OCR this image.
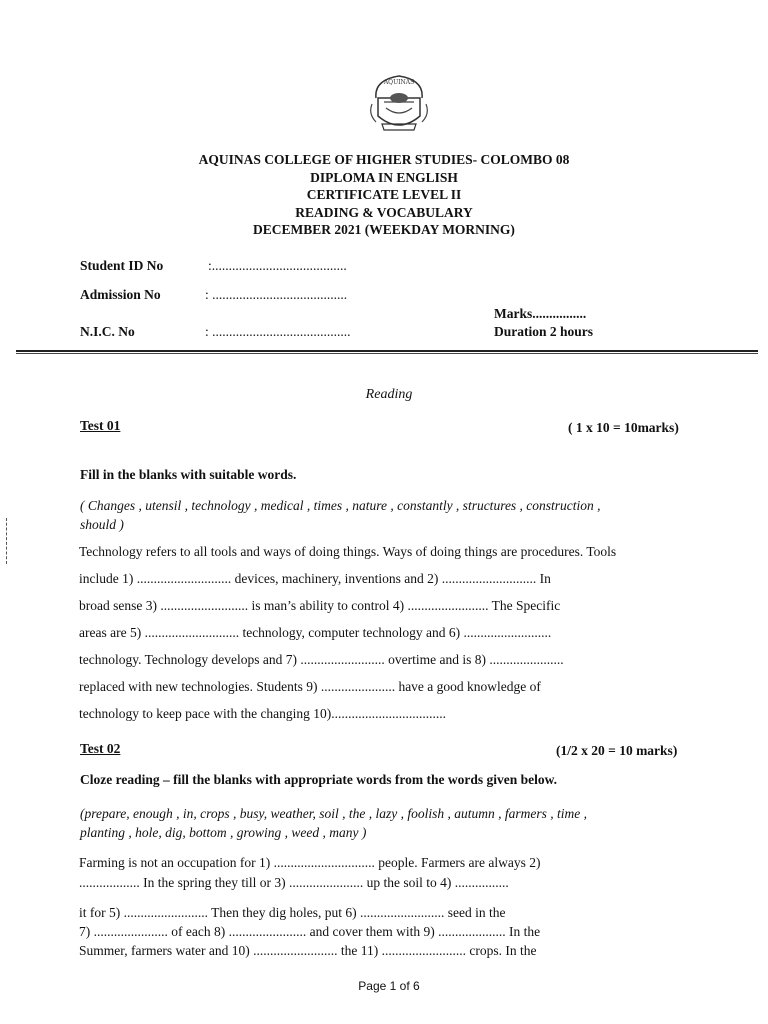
AQUINAS
AQUINAS COLLEGE OF HIGHER STUDIES- COLOMBO 08
DIPLOMA IN ENGLISH
CERTIFICATE LEVEL II
READING & VOCABULARY
DECEMBER 2021 (WEEKDAY MORNING)
Student ID No	:........................................
Admission No	: ........................................
Marks................
N.I.C. No	: .........................................	Duration 2 hours
Reading
Test 01	( 1 x 10 = 10marks)
Fill in the blanks with suitable words.
( Changes , utensil , technology , medical , times , nature , constantly , structures , construction ,
should )
Technology refers to all tools and ways of doing things. Ways of doing things are procedures. Tools
include 1) ............................ devices, machinery, inventions and 2) ............................ In
broad sense 3) .......................... is man’s ability to control 4) ........................ The Specific
areas are 5) ............................ technology, computer technology and 6) ..........................
technology. Technology develops and 7) ......................... overtime and is 8) ......................
replaced with new technologies. Students 9) ...................... have a good knowledge of
technology to keep pace with the changing 10)..................................
Test 02	(1/2 x 20 = 10 marks)
Cloze reading – fill the blanks with appropriate words from the words given below.
(prepare, enough , in, crops , busy, weather, soil , the , lazy , foolish , autumn , farmers , time ,
planting , hole, dig, bottom , growing , weed , many )
Farming is not an occupation for 1) .............................. people. Farmers are always 2)
.................. In the spring they till or 3) ...................... up the soil to 4) ................
it for 5) ......................... Then they dig holes, put 6) ......................... seed in the
7) ...................... of each 8) ....................... and cover them with 9) .................... In the
Summer, farmers water and 10) ......................... the 11) ......................... crops. In the
Page 1 of 6
